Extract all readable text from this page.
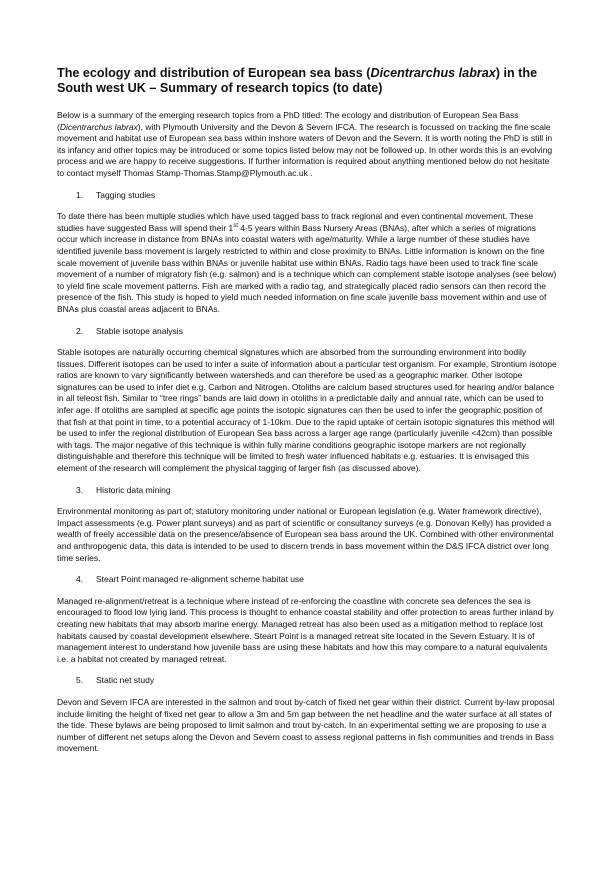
The ecology and distribution of European sea bass (Dicentrarchus labrax) in the South west UK – Summary of research topics (to date)

Below is a summary of the emerging research topics from a PhD titled: The ecology and distribution of European Sea Bass (Dicentrarchus labrax), with Plymouth University and the Devon & Severn IFCA. The research is focussed on tracking the fine scale movement and habitat use of European sea bass within inshore waters of Devon and the Severn. It is worth noting the PhD is still in its infancy and other topics may be introduced or some topics listed below may not be followed up. In other words this is an evolving process and we are happy to receive suggestions. If further information is required about anything mentioned below do not hesitate to contact myself Thomas Stamp-Thomas.Stamp@Plymouth.ac.uk .

1. Tagging studies

To date there has been multiple studies which have used tagged bass to track regional and even continental movement. These studies have suggested Bass will spend their 1st 4-5 years within Bass Nursery Areas (BNAs), after which a series of migrations occur which increase in distance from BNAs into coastal waters with age/maturity. While a large number of these studies have identified juvenile bass movement is largely restricted to within and close proximity to BNAs. Little information is known on the fine scale movement of juvenile bass within BNAs or juvenile habitat use within BNAs. Radio tags have been used to track fine scale movement of a number of migratory fish (e.g. salmon) and is a technique which can complement stable isotope analyses (see below) to yield fine scale movement patterns. Fish are marked with a radio tag, and strategically placed radio sensors can then record the presence of the fish. This study is hoped to yield much needed information on fine scale juvenile bass movement within and use of BNAs plus coastal areas adjacent to BNAs.

2. Stable isotope analysis

Stable isotopes are naturally occurring chemical signatures which are absorbed from the surrounding environment into bodily tissues. Different isotopes can be used to infer a suite of information about a particular test organism. For example, Strontium isotope ratios are known to vary significantly between watersheds and can therefore be used as a geographic marker. Other isotope signatures can be used to infer diet e.g. Carbon and Nitrogen. Otoliths are calcium based structures used for hearing and/or balance in all teleost fish. Similar to “tree rings” bands are laid down in otoliths in a predictable daily and annual rate, which can be used to infer age. If otoliths are sampled at specific age points the isotopic signatures can then be used to infer the geographic position of that fish at that point in time, to a potential accuracy of 1-10km. Due to the rapid uptake of certain isotopic signatures this method will be used to infer the regional distribution of European Sea bass across a larger age range (particularly juvenile <42cm) than possible with tags. The major negative of this technique is within fully marine conditions geographic isotope markers are not regionally distinguishable and therefore this technique will be limited to fresh water influenced habitats e.g. estuaries. It is envisaged this element of the research will complement the physical tagging of larger fish (as discussed above).

3. Historic data mining

Environmental monitoring as part of; statutory monitoring under national or European legislation (e.g. Water framework directive), Impact assessments (e.g. Power plant surveys) and as part of scientific or consultancy surveys (e.g. Donovan Kelly) has provided a wealth of freely accessible data on the presence/absence of European sea bass around the UK. Combined with other environmental and anthropogenic data, this data is intended to be used to discern trends in bass movement within the D&S IFCA district over long time series.

4. Steart Point managed re-alignment scheme habitat use

Managed re-alignment/retreat is a technique where instead of re-enforcing the coastline with concrete sea defences the sea is encouraged to flood low lying land. This process is thought to enhance coastal stability and offer protection to areas further inland by creating new habitats that may absorb marine energy. Managed retreat has also been used as a mitigation method to replace lost habitats caused by coastal development elsewhere. Steart Point is a managed retreat site located in the Severn Estuary. It is of management interest to understand how juvenile bass are using these habitats and how this may compare to a natural equivalents i.e. a habitat not created by managed retreat.

5. Static net study

Devon and Severn IFCA are interested in the salmon and trout by-catch of fixed net gear within their district. Current by-law proposal include limiting the height of fixed net gear to allow a 3m and 5m gap between the net headline and the water surface at all states of the tide. These bylaws are being proposed to limit salmon and trout by-catch. In an experimental setting we are proposing to use a number of different net setups along the Devon and Severn coast to assess regional patterns in fish communities and trends in Bass movement.
